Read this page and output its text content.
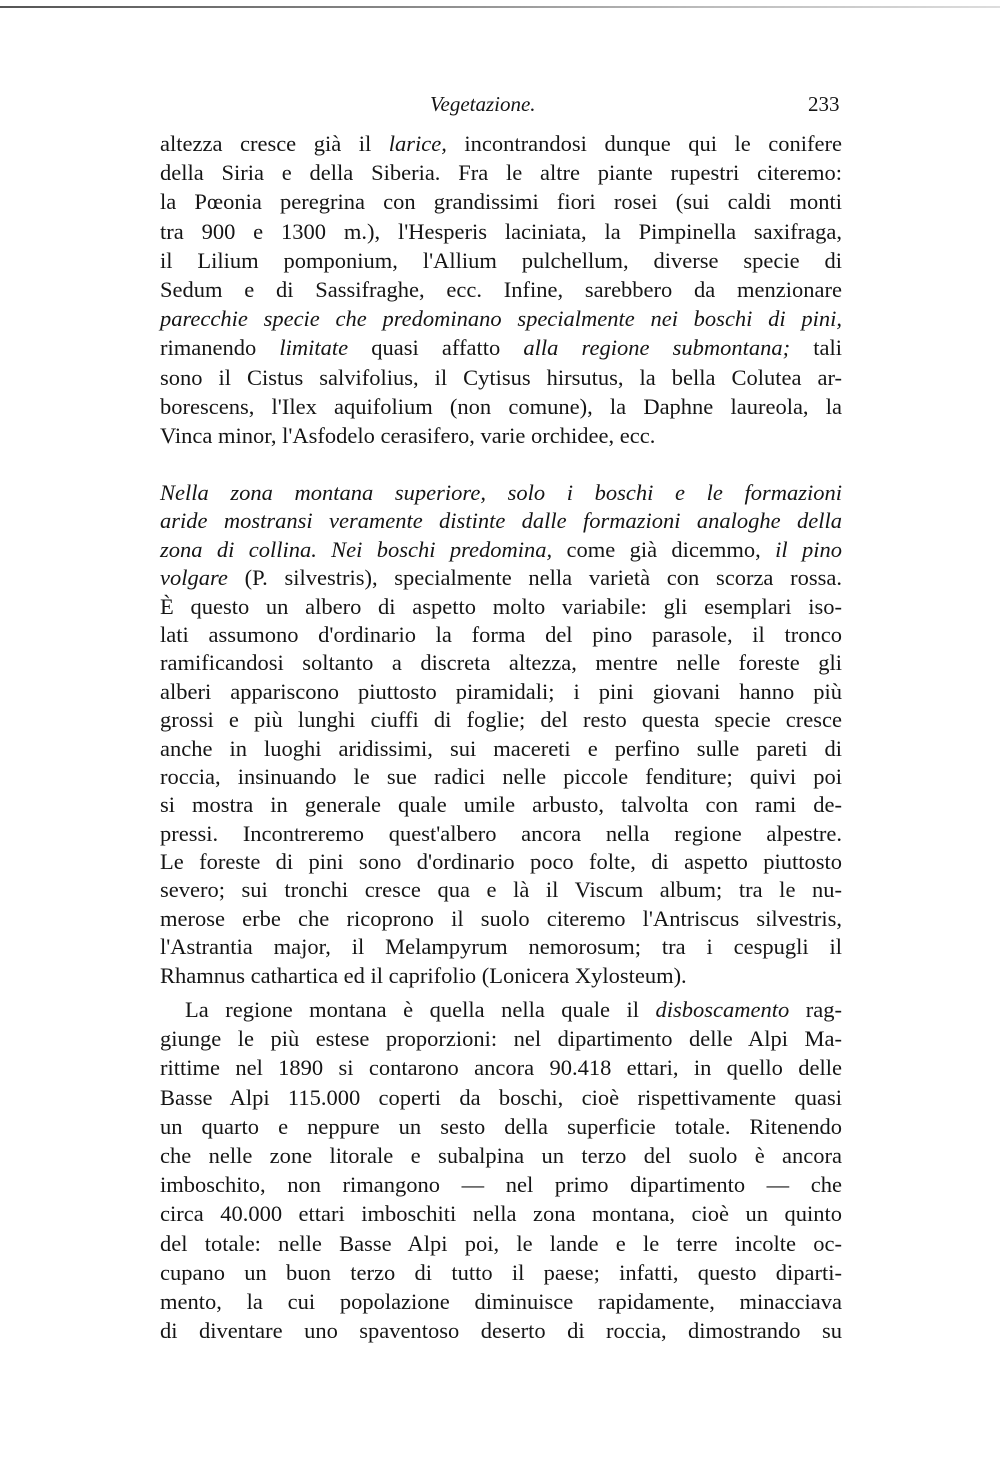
Vegetazione.	233
altezza cresce già il larice, incontrandosi dunque qui le conifere
della Siria e della Siberia. Fra le altre piante rupestri citeremo:
la Pœonia peregrina con grandissimi fiori rosei (sui caldi monti
tra 900 e 1300 m.), l'Hesperis laciniata, la Pimpinella saxifraga,
il Lilium pomponium, l'Allium pulchellum, diverse specie di
Sedum e di Sassifraghe, ecc. Infine, sarebbero da menzionare
parecchie specie che predominano specialmente nei boschi di pini,
rimanendo limitate quasi affatto alla regione submontana; tali
sono il Cistus salvifolius, il Cytisus hirsutus, la bella Colutea ar-
borescens, l'Ilex aquifolium (non comune), la Daphne laureola, la
Vinca minor, l'Asfodelo cerasifero, varie orchidee, ecc.
Nella zona montana superiore, solo i boschi e le formazioni
aride mostransi veramente distinte dalle formazioni analoghe della
zona di collina. Nei boschi predomina, come già dicemmo, il pino
volgare (P. silvestris), specialmente nella varietà con scorza rossa.
È questo un albero di aspetto molto variabile: gli esemplari iso-
lati assumono d'ordinario la forma del pino parasole, il tronco
ramificandosi soltanto a discreta altezza, mentre nelle foreste gli
alberi appariscono piuttosto piramidali; i pini giovani hanno più
grossi e più lunghi ciuffi di foglie; del resto questa specie cresce
anche in luoghi aridissimi, sui macereti e perfino sulle pareti di
roccia, insinuando le sue radici nelle piccole fenditure; quivi poi
si mostra in generale quale umile arbusto, talvolta con rami de-
pressi. Incontreremo quest'albero ancora nella regione alpestre.
Le foreste di pini sono d'ordinario poco folte, di aspetto piuttosto
severo; sui tronchi cresce qua e là il Viscum album; tra le nu-
merose erbe che ricoprono il suolo citeremo l'Antriscus silvestris,
l'Astrantia major, il Melampyrum nemorosum; tra i cespugli il
Rhamnus cathartica ed il caprifolio (Lonicera Xylosteum).
La regione montana è quella nella quale il disboscamento rag-
giunge le più estese proporzioni: nel dipartimento delle Alpi Ma-
rittime nel 1890 si contarono ancora 90.418 ettari, in quello delle
Basse Alpi 115.000 coperti da boschi, cioè rispettivamente quasi
un quarto e neppure un sesto della superficie totale. Ritenendo
che nelle zone litorale e subalpina un terzo del suolo è ancora
imboschito, non rimangono — nel primo dipartimento — che
circa 40.000 ettari imboschiti nella zona montana, cioè un quinto
del totale: nelle Basse Alpi poi, le lande e le terre incolte oc-
cupano un buon terzo di tutto il paese; infatti, questo diparti-
mento, la cui popolazione diminuisce rapidamente, minacciava
di diventare uno spaventoso deserto di roccia, dimostrando su
